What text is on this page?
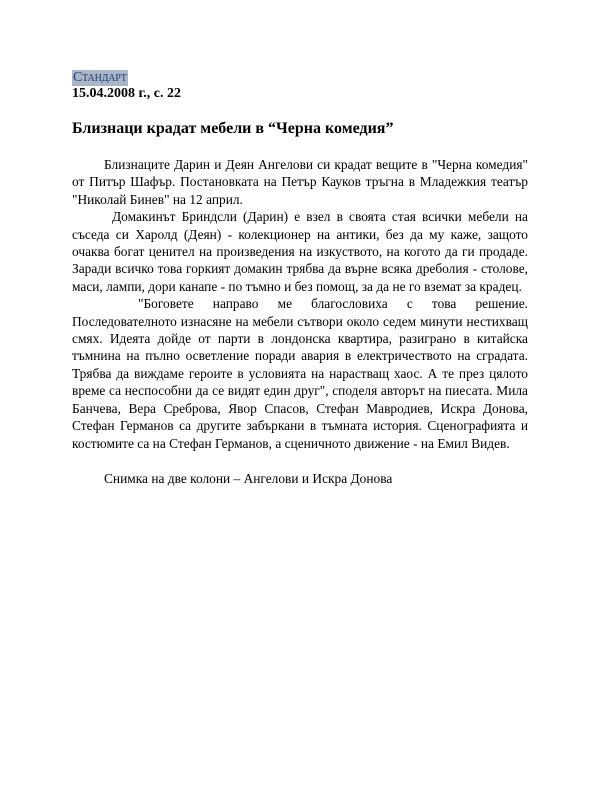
Стандарт
15.04.2008 г., с. 22
Близнаци крадат мебели в “Черна комедия”

Близнаците Дарин и Деян Ангелови си крадат вещите в "Черна комедия" от Питър Шафър. Постановката на Петър Кауков тръгна в Младежкия театър "Николай Бинев" на 12 април.

Домакинът Бриндсли (Дарин) е взел в своята стая всички мебели на съседа си Харолд (Деян) - колекционер на антики, без да му каже, защото очаква богат ценител на произведения на изкуството, на когото да ги продаде. Заради всичко това горкият домакин трябва да върне всяка дреболия - столове, маси, лампи, дори канапе - по тъмно и без помощ, за да не го вземат за крадец.

"Боговете направо ме благословиха с това решение. Последователното изнасяне на мебели сътвори около седем минути нестихващ смях. Идеята дойде от парти в лондонска квартира, разиграно в китайска тъмнина на пълно осветление поради авария в електричеството на сградата. Трябва да виждаме героите в условията на нарастващ хаос. А те през цялото време са неспособни да се видят един друг", споделя авторът на пиесата. Мила Банчева, Вера Среброва, Явор Спасов, Стефан Мавродиев, Искра Донова, Стефан Германов са другите забъркани в тъмната история. Сценографията и костюмите са на Стефан Германов, а сценичното движение - на Емил Видев.

Снимка на две колони – Ангелови и Искра Донова
